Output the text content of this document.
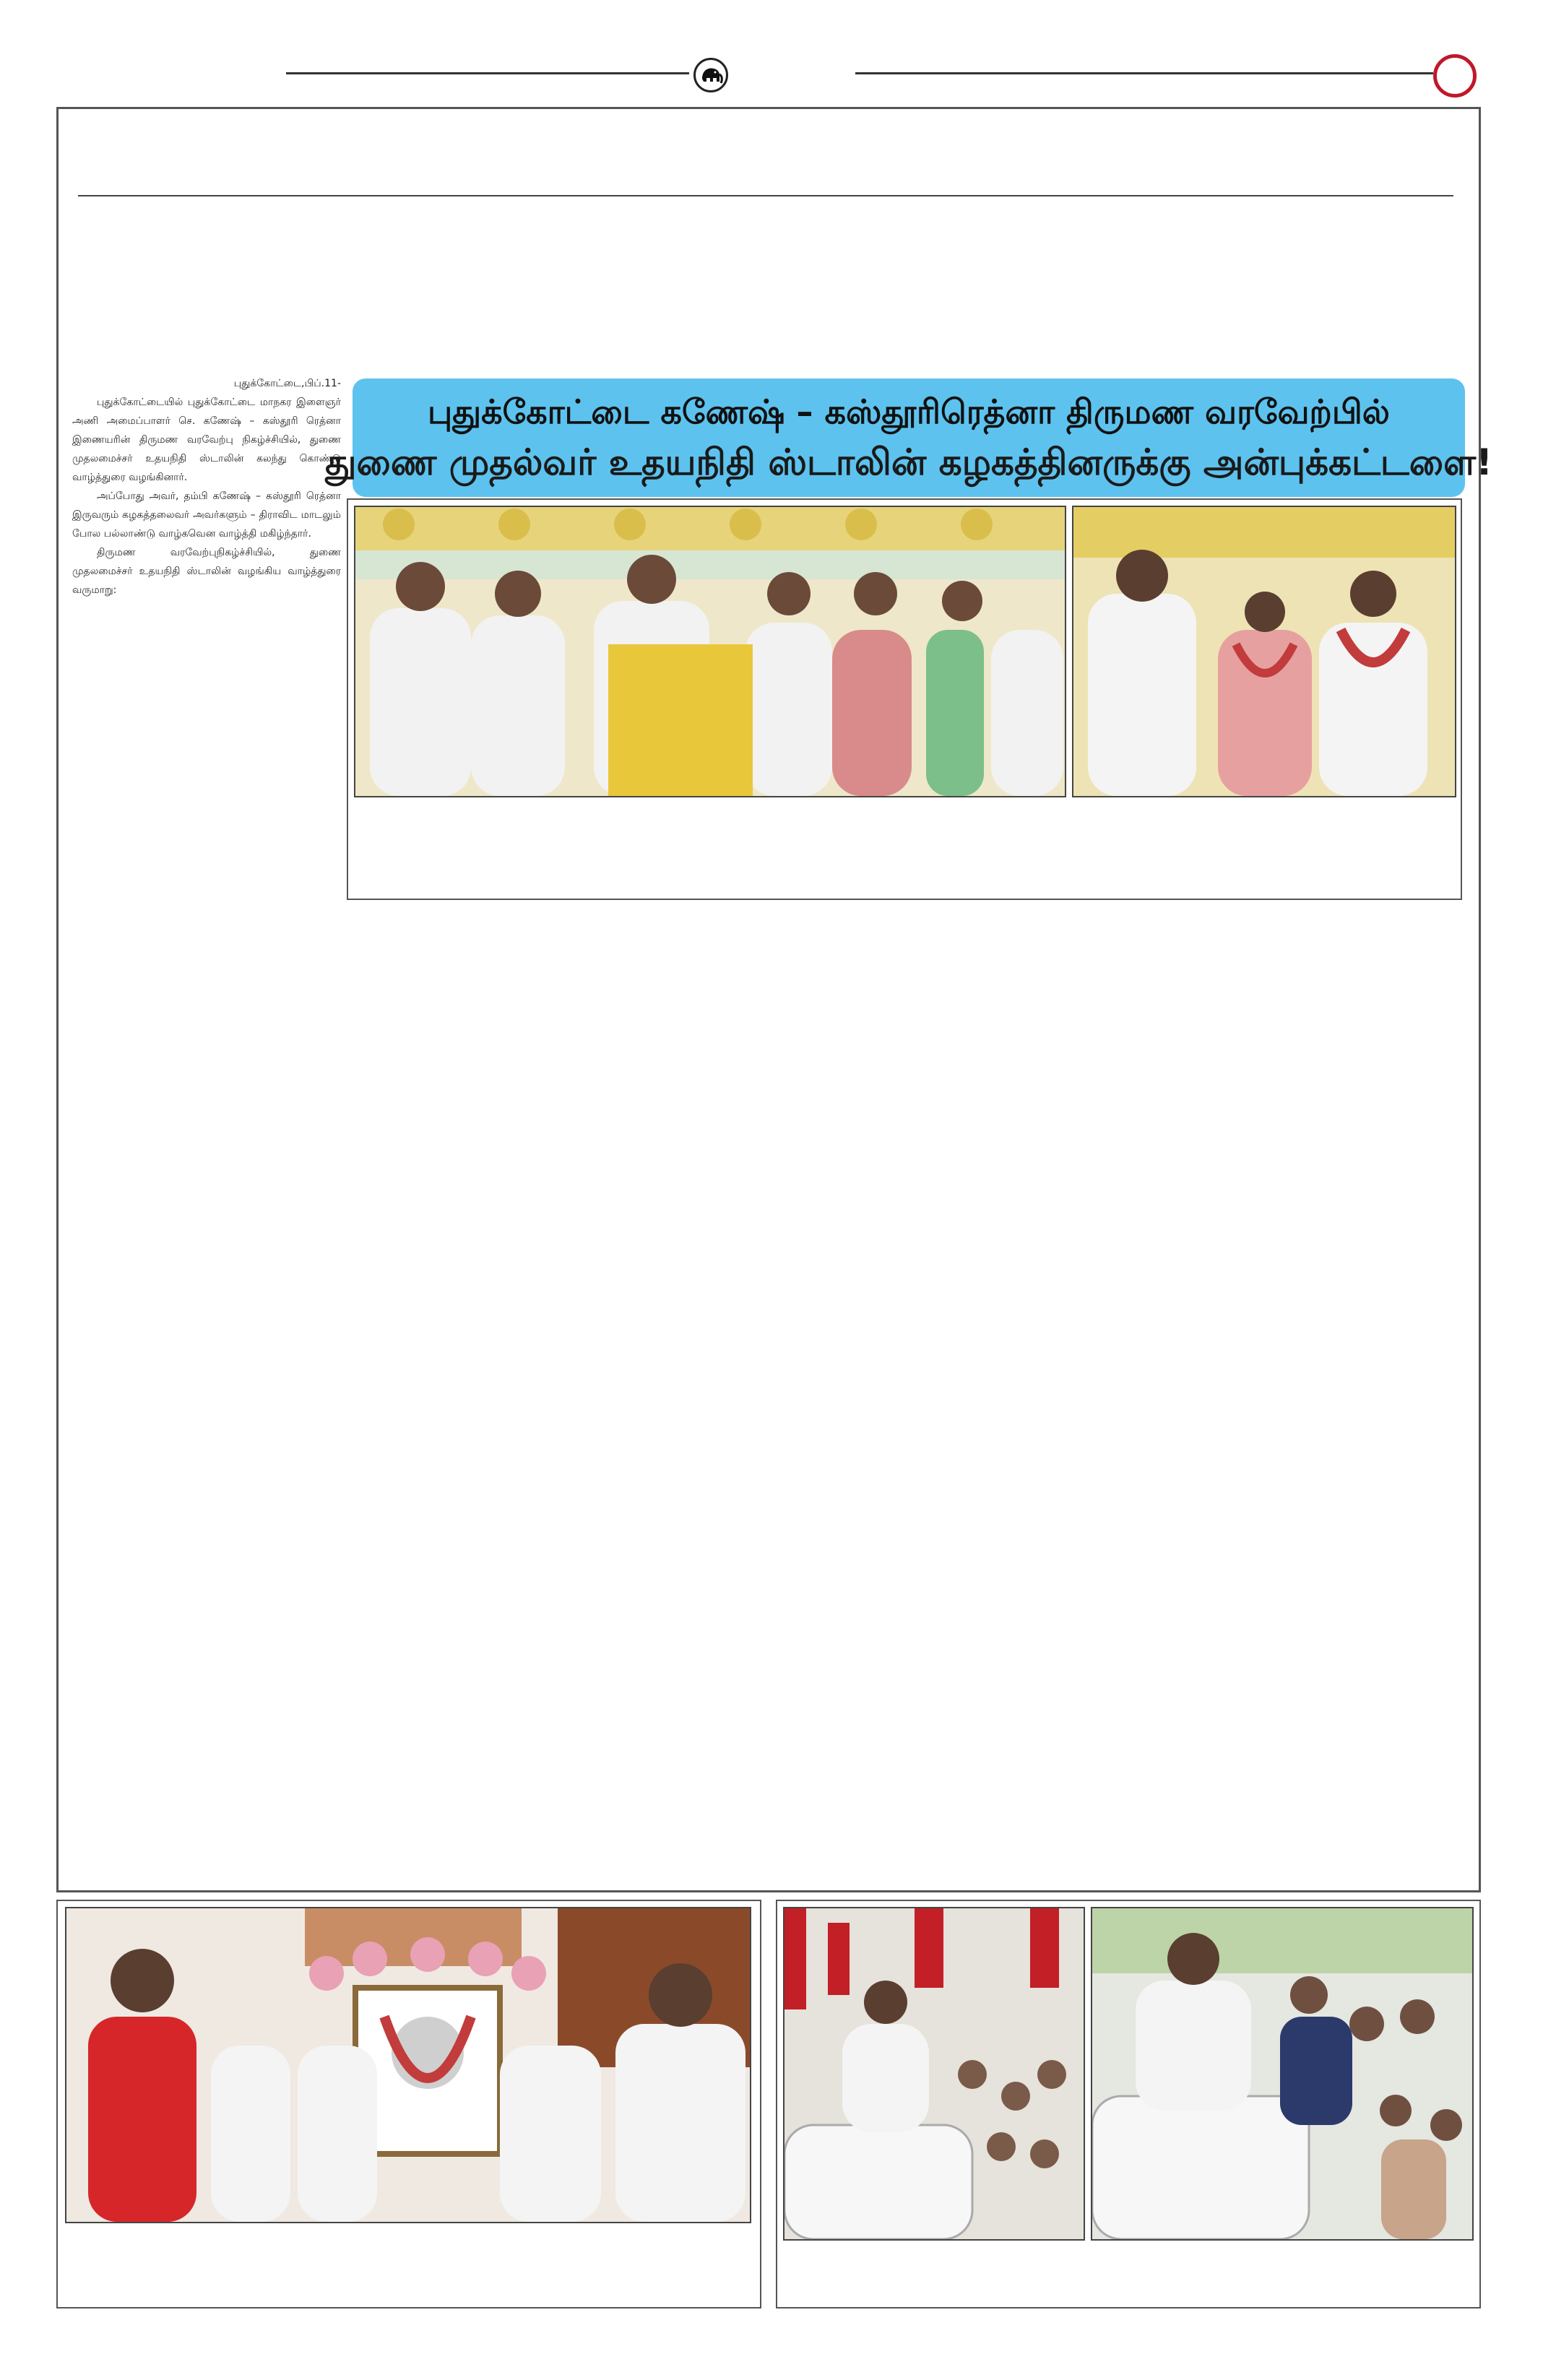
புதுக்கோட்டை,பிப்.11-

புதுக்கோட்டையில் புதுக்கோட்டை மாநகர இளைஞர் அணி அமைப்பாளர் செ. கணேஷ் – கஸ்தூரி ரெத்னா இணையரின் திருமண வரவேற்பு நிகழ்ச்சியில், துணை முதலமைச்சர் உதயநிதி ஸ்டாலின் கலந்து கொண்டு வாழ்த்துரை வழங்கினார்.

அப்போது அவர், தம்பி கணேஷ் – கஸ்தூரி ரெத்னா இருவரும் கழகத்தலைவர் அவர்களும் – திராவிட மாடலும் போல பல்லாண்டு வாழ்கவென வாழ்த்தி மகிழ்ந்தார்.

திருமண வரவேற்புநிகழ்ச்சியில், துணை முதலமைச்சர் உதயநிதி ஸ்டாலின் வழங்கிய வாழ்த்துரை வருமாறு:

புதுக்கோட்டை கணேஷ் – கஸ்தூரிரெத்னா திருமண வரவேற்பில்
துணை முதல்வர் உதயநிதி ஸ்டாலின் கழகத்தினருக்கு அன்புக்கட்டளை!
